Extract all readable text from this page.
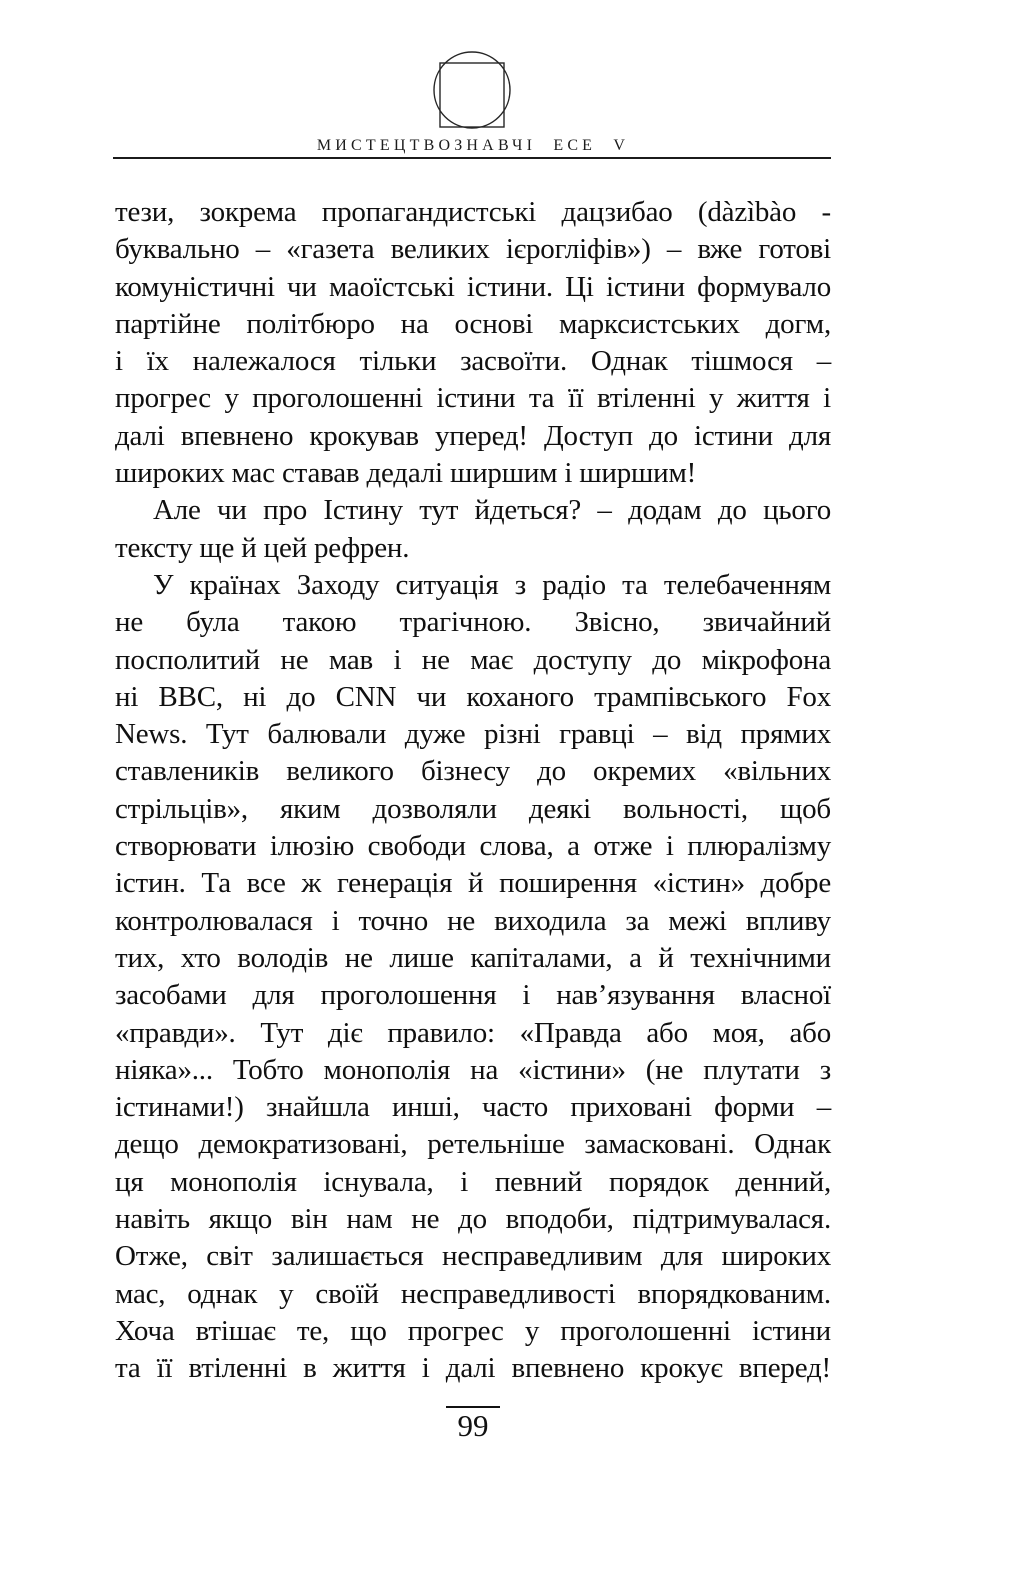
МИСТЕЦТВОЗНАВЧІ ЕСЕ V
тези, зокрема пропагандистські дацзибао (dàzìbào -
буквально – «газета великих ієрогліфів») – вже готові
комуністичні чи маоїстські істини. Ці істини формувало
партійне політбюро на основі марксистських догм,
і їх належалося тільки засвоїти. Однак тішмося –
прогрес у проголошенні істини та її втіленні у життя і
далі впевнено крокував уперед! Доступ до істини для
широких мас ставав дедалі ширшим і ширшим!
Але чи про Істину тут йдеться? – додам до цього
тексту ще й цей рефрен.
У країнах Заходу ситуація з радіо та телебаченням
не була такою трагічною. Звісно, звичайний
посполитий не мав і не має доступу до мікрофона
ні BBC, ні до CNN чи коханого трампівського Fox
News. Тут балювали дуже різні гравці – від прямих
ставлеників великого бізнесу до окремих «вільних
стрільців», яким дозволяли деякі вольності, щоб
створювати ілюзію свободи слова, а отже і плюралізму
істин. Та все ж генерація й поширення «істин» добре
контролювалася і точно не виходила за межі впливу
тих, хто володів не лише капіталами, а й технічними
засобами для проголошення і нав’язування власної
«правди». Тут діє правило: «Правда або моя, або
ніяка»... Тобто монополія на «істини» (не плутати з
істинами!) знайшла инші, часто приховані форми –
дещо демократизовані, ретельніше замасковані. Однак
ця монополія існувала, і певний порядок денний,
навіть якщо він нам не до вподоби, підтримувалася.
Отже, світ залишається несправедливим для широких
мас, однак у своїй несправедливості впорядкованим.
Хоча втішає те, що прогрес у проголошенні істини
та її втіленні в життя і далі впевнено крокує вперед!
99
